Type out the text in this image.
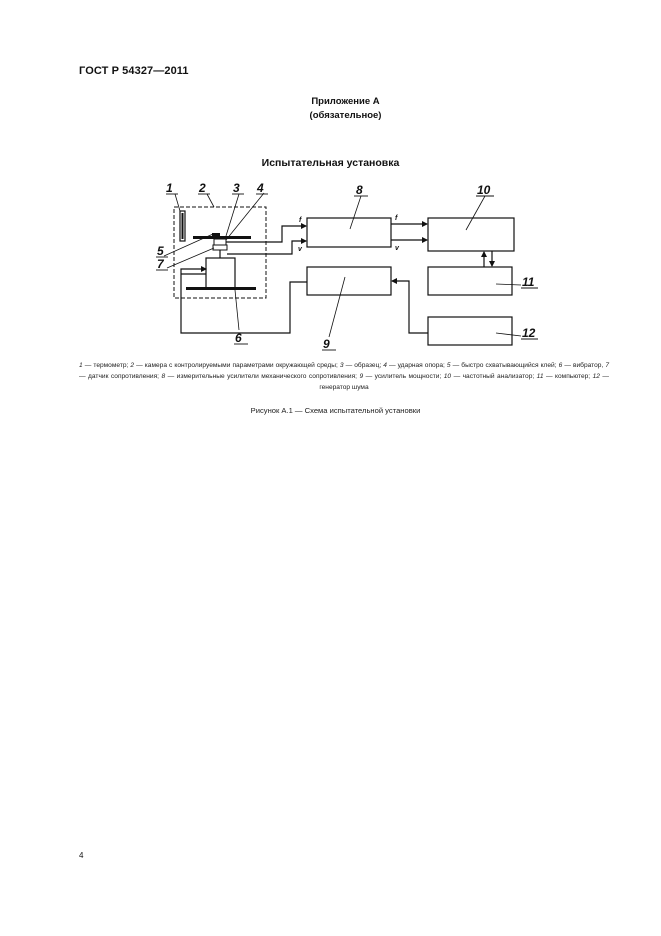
ГОСТ Р 54327—2011
Приложение А
(обязательное)
Испытательная установка
1 2 3 4
5
7
6	9
8	10
11
12
f
v
f
v
1 — термометр; 2 — камера с контролируемыми параметрами окружающей среды; 3 — образец; 4 — ударная опора; 5 — быстро схватывающийся клей; 6 — вибратор, 7 — датчик сопротивления; 8 — измерительные усилители механического сопротивления; 9 — усилитель мощности; 10 — частотный анализатор; 11 — компьютер; 12 — генератор шума
Рисунок А.1 — Схема испытательной установки
4
